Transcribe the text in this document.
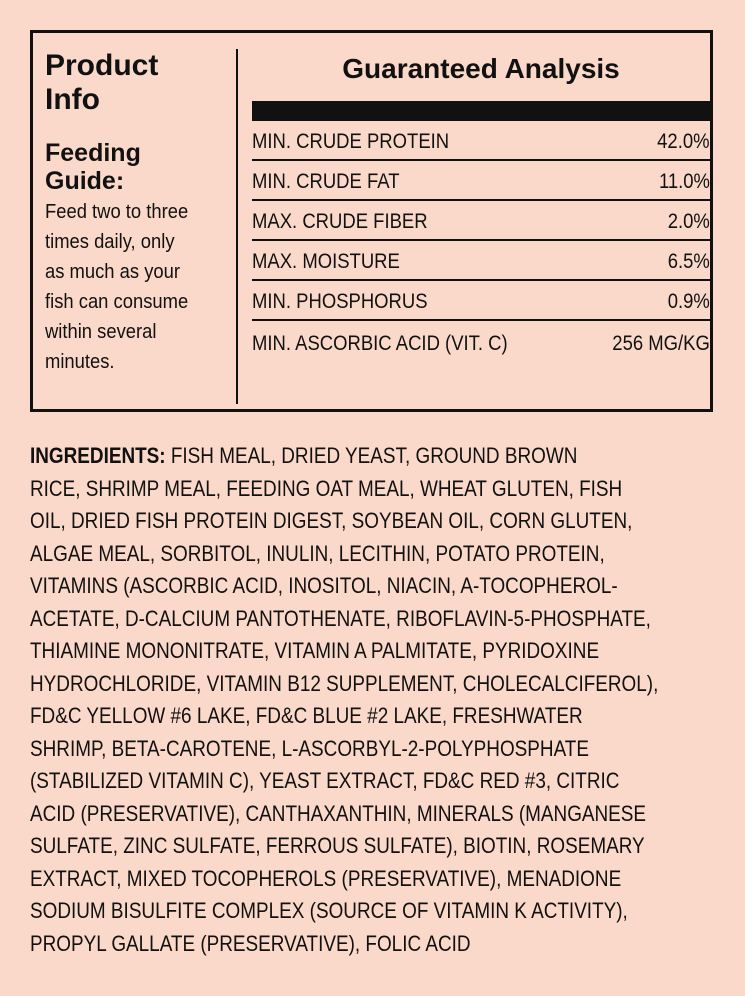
Product
Info
Feeding
Guide:
Feed two to three
times daily, only
as much as your
fish can consume
within several
minutes.
Guaranteed Analysis
MIN. CRUDE PROTEIN	42.0%
MIN. CRUDE FAT	11.0%
MAX. CRUDE FIBER	2.0%
MAX. MOISTURE	6.5%
MIN. PHOSPHORUS	0.9%
MIN. ASCORBIC ACID (VIT. C)	256 MG/KG
INGREDIENTS: FISH MEAL, DRIED YEAST, GROUND BROWN
RICE, SHRIMP MEAL, FEEDING OAT MEAL, WHEAT GLUTEN, FISH
OIL, DRIED FISH PROTEIN DIGEST, SOYBEAN OIL, CORN GLUTEN,
ALGAE MEAL, SORBITOL, INULIN, LECITHIN, POTATO PROTEIN,
VITAMINS (ASCORBIC ACID, INOSITOL, NIACIN, A-TOCOPHEROL-
ACETATE, D-CALCIUM PANTOTHENATE, RIBOFLAVIN-5-PHOSPHATE,
THIAMINE MONONITRATE, VITAMIN A PALMITATE, PYRIDOXINE
HYDROCHLORIDE, VITAMIN B12 SUPPLEMENT, CHOLECALCIFEROL),
FD&C YELLOW #6 LAKE, FD&C BLUE #2 LAKE, FRESHWATER
SHRIMP, BETA-CAROTENE, L-ASCORBYL-2-POLYPHOSPHATE
(STABILIZED VITAMIN C), YEAST EXTRACT, FD&C RED #3, CITRIC
ACID (PRESERVATIVE), CANTHAXANTHIN, MINERALS (MANGANESE
SULFATE, ZINC SULFATE, FERROUS SULFATE), BIOTIN, ROSEMARY
EXTRACT, MIXED TOCOPHEROLS (PRESERVATIVE), MENADIONE
SODIUM BISULFITE COMPLEX (SOURCE OF VITAMIN K ACTIVITY),
PROPYL GALLATE (PRESERVATIVE), FOLIC ACID
